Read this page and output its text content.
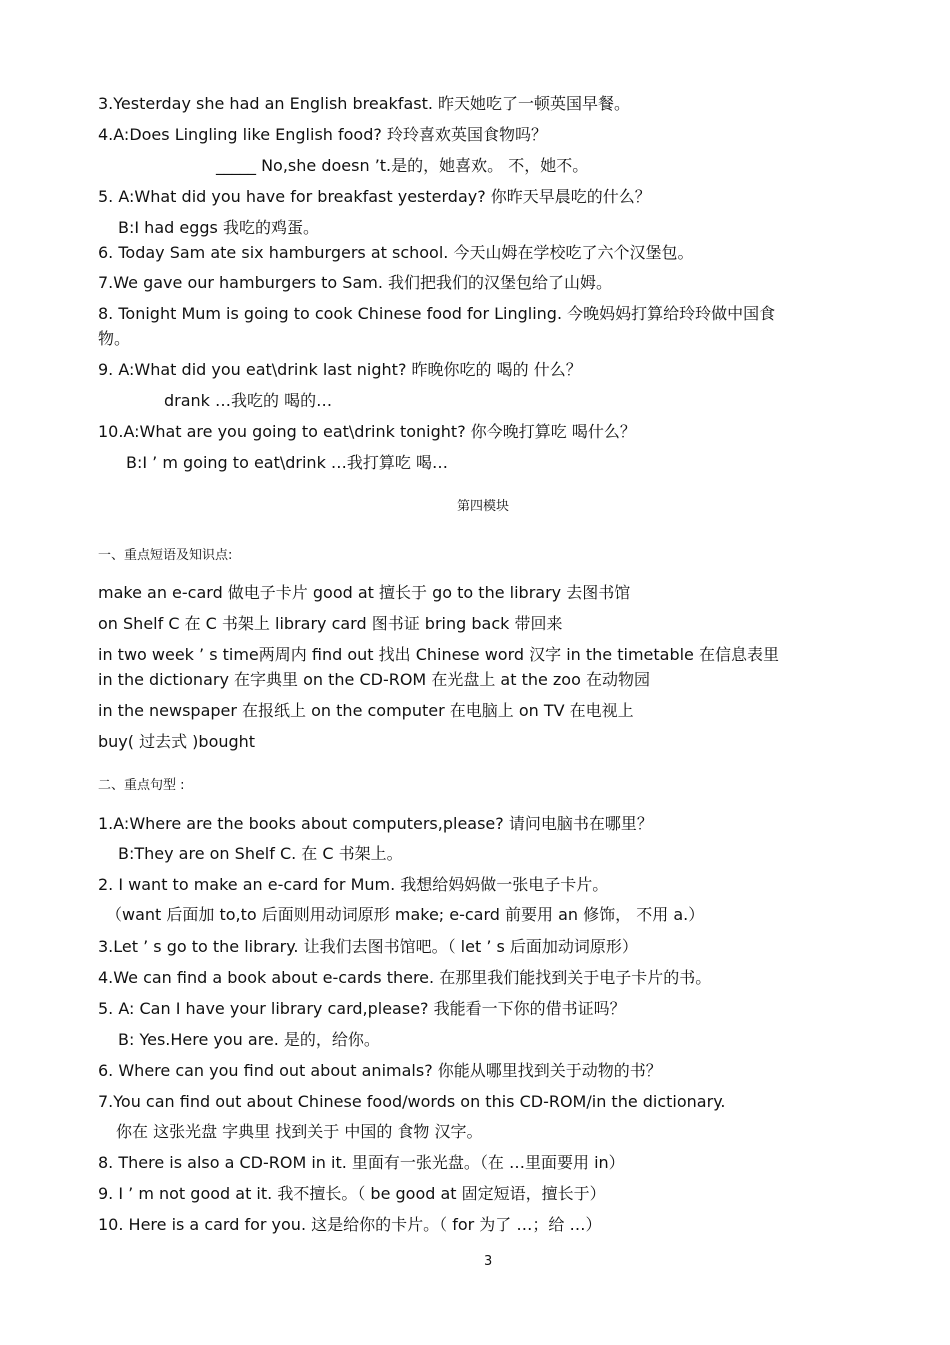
3.Yesterday she had an English breakfast. 昨天她吃了一顿英国早餐。
4.A:Does Lingling like English food? 玲玲喜欢英国食物吗？
_____ No,she doesn ’t.是的，她喜欢。 不，她不。
5. A:What did you have for breakfast yesterday? 你昨天早晨吃的什么？
B:I had eggs 我吃的鸡蛋。
6. Today Sam ate six hamburgers at school. 今天山姆在学校吃了六个汉堡包。
7.We gave our hamburgers to Sam. 我们把我们的汉堡包给了山姆。
8. Tonight Mum is going to cook Chinese food for Lingling. 今晚妈妈打算给玲玲做中国食
物。
9. A:What did you eat\drink last night? 昨晚你吃的 喝的 什么？
drank …我吃的 喝的…
10.A:What are you going to eat\drink tonight? 你今晚打算吃 喝什么？
B:I ’ m going to eat\drink …我打算吃 喝…
第四模块
一、重点短语及知识点:
make an e-card 做电子卡片 good at 擅长于 go to the library 去图书馆
on Shelf C 在 C 书架上 library card 图书证 bring back 带回来
in two week ’ s time两周内 find out 找出 Chinese word 汉字 in the timetable 在信息表里
in the dictionary 在字典里 on the CD-ROM 在光盘上 at the zoo 在动物园
in the newspaper 在报纸上 on the computer 在电脑上 on TV 在电视上
buy( 过去式 )bought
二、重点句型 :
1.A:Where are the books about computers,please? 请问电脑书在哪里？
B:They are on Shelf C. 在 C 书架上。
2. I want to make an e-card for Mum. 我想给妈妈做一张电子卡片。
（want 后面加 to,to 后面则用动词原形 make; e-card 前要用 an 修饰， 不用 a.）
3.Let ’ s go to the library. 让我们去图书馆吧。（ let ’ s 后面加动词原形）
4.We can find a book about e-cards there. 在那里我们能找到关于电子卡片的书。
5. A: Can I have your library card,please? 我能看一下你的借书证吗？
B: Yes.Here you are. 是的，给你。
6. Where can you find out about animals? 你能从哪里找到关于动物的书？
7.You can find out about Chinese food/words on this CD-ROM/in the dictionary.
你在 这张光盘 字典里 找到关于 中国的 食物 汉字。
8. There is also a CD-ROM in it. 里面有一张光盘。（在 …里面要用 in）
9. I ’ m not good at it. 我不擅长。（ be good at 固定短语，擅长于）
10. Here is a card for you. 这是给你的卡片。（ for 为了 …；给 …）
3
